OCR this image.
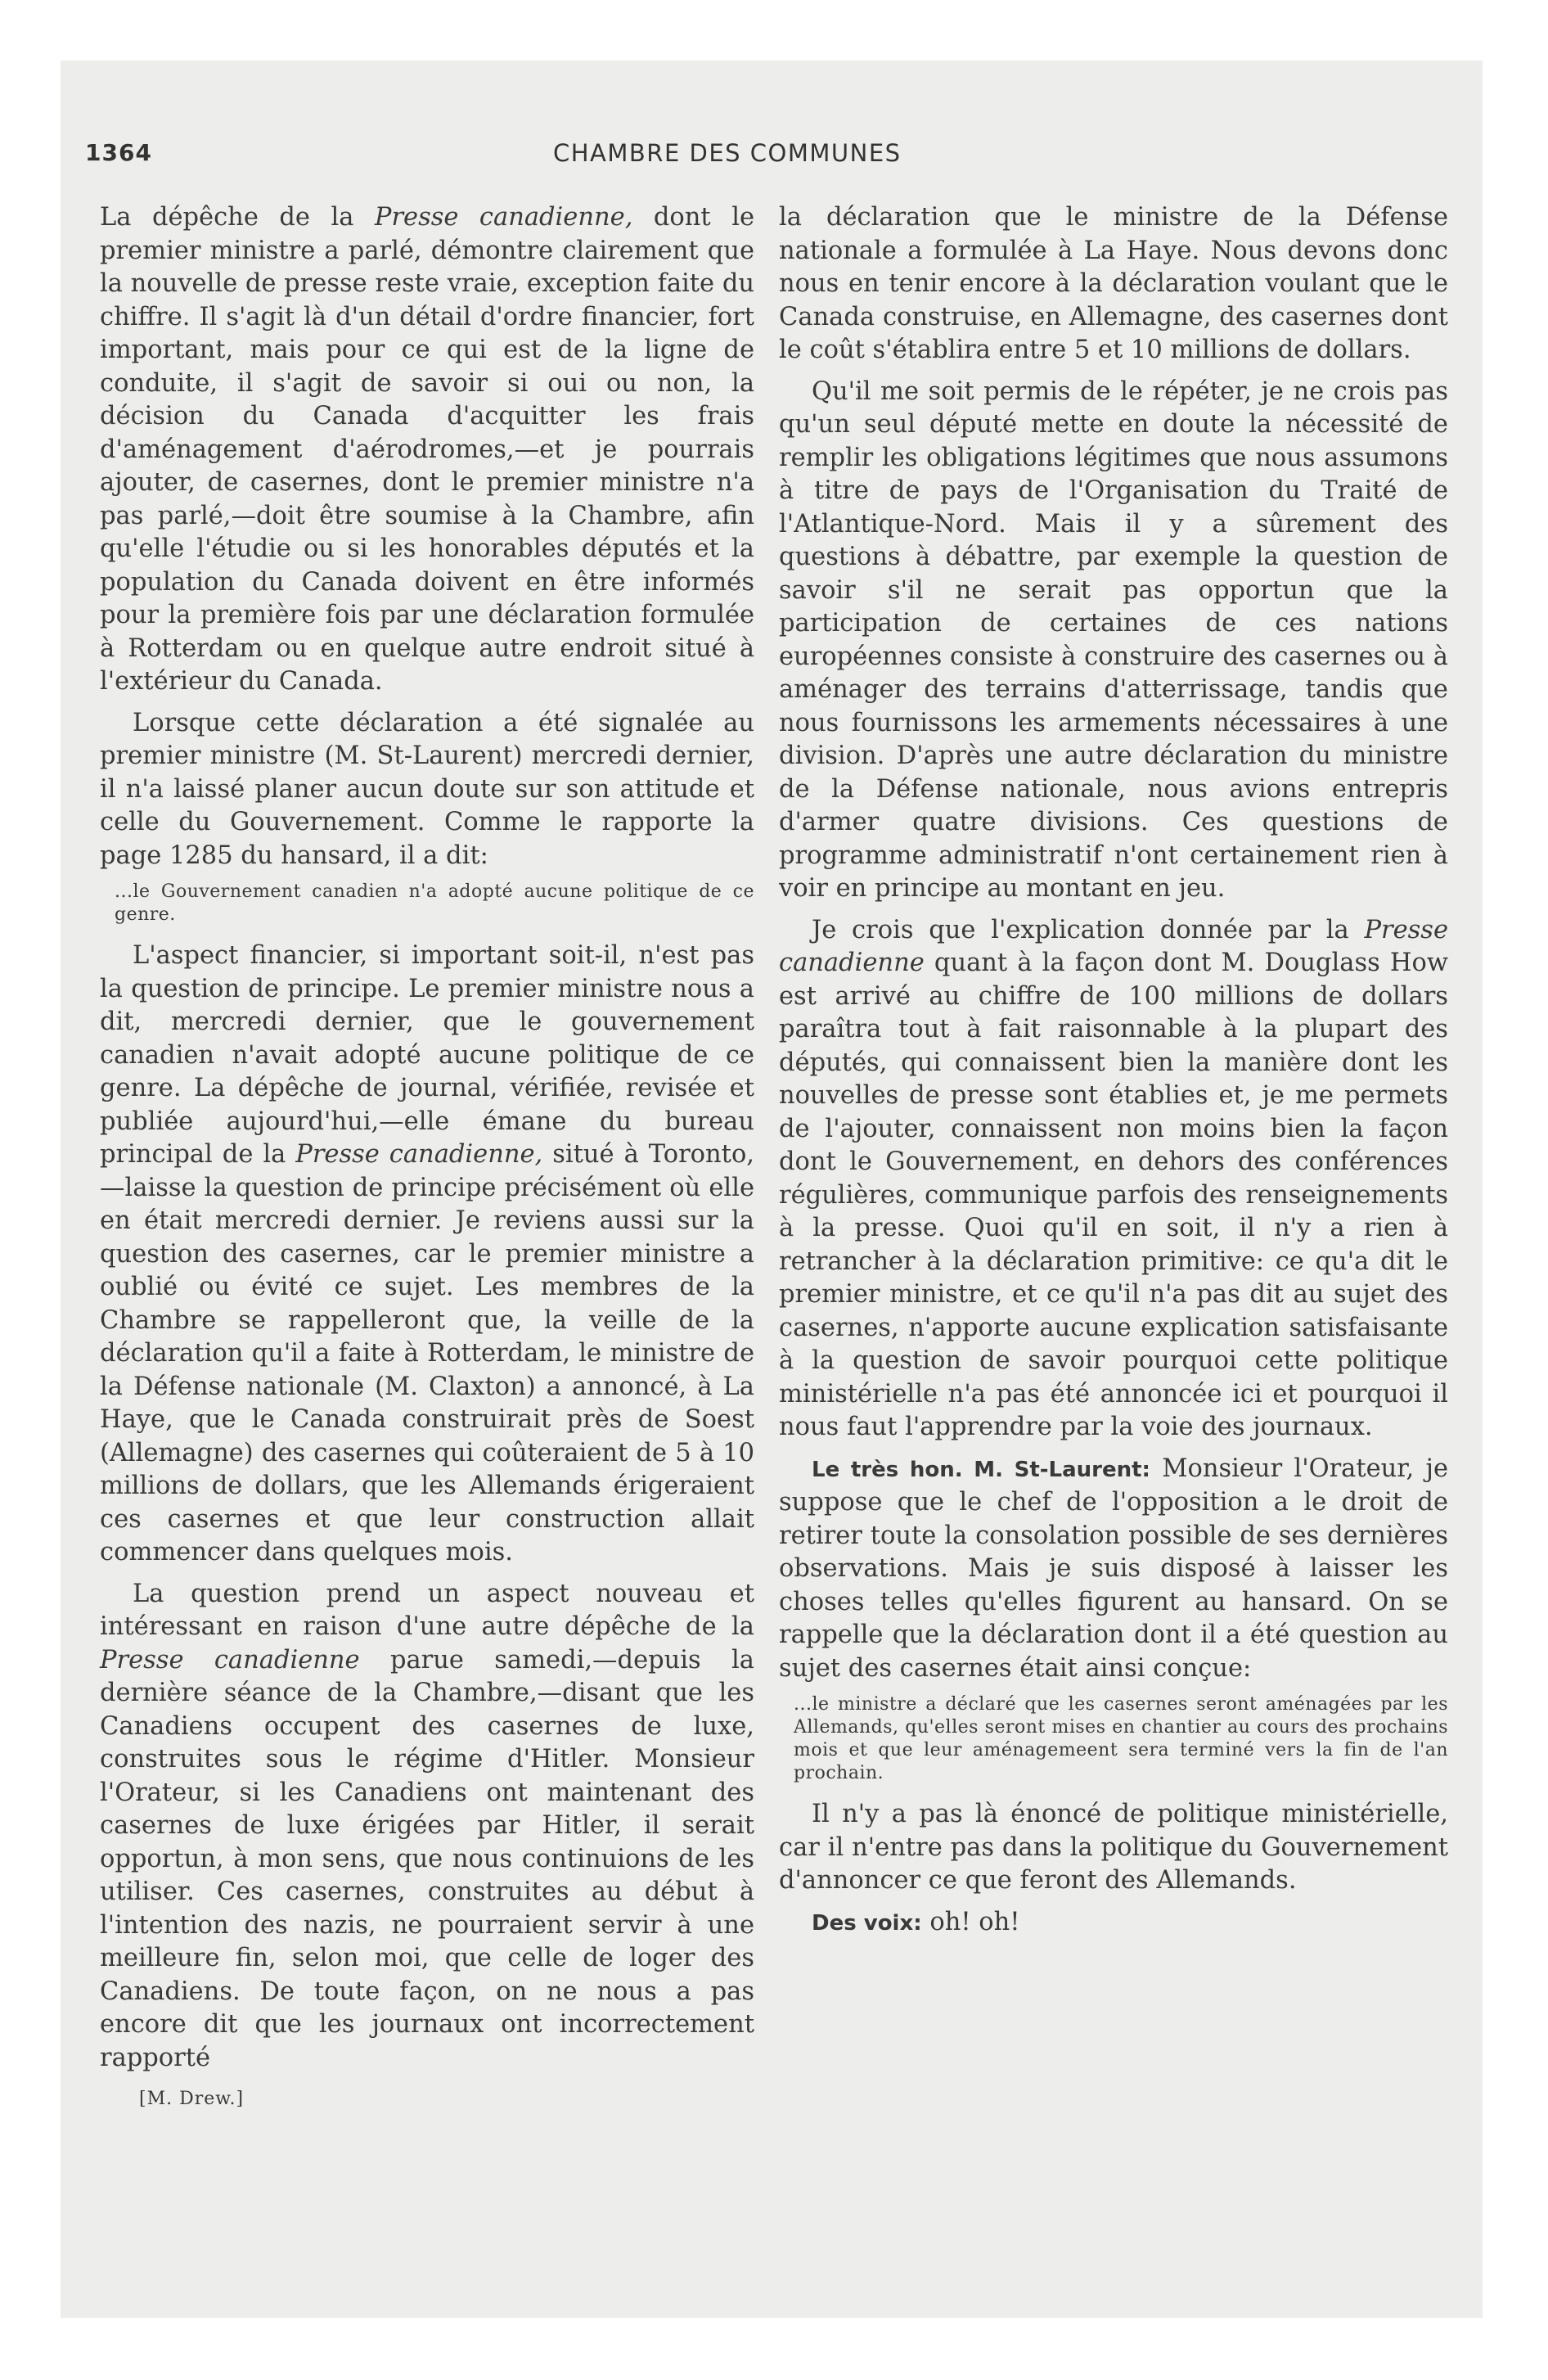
1364	CHAMBRE DES COMMUNES

La dépêche de la Presse canadienne, dont le premier ministre a parlé, démontre clairement que la nouvelle de presse reste vraie, exception faite du chiffre. Il s'agit là d'un détail d'ordre financier, fort important, mais pour ce qui est de la ligne de conduite, il s'agit de savoir si oui ou non, la décision du Canada d'acquitter les frais d'aménagement d'aérodromes,—et je pourrais ajouter, de casernes, dont le premier ministre n'a pas parlé,—doit être soumise à la Chambre, afin qu'elle l'étudie ou si les honorables députés et la population du Canada doivent en être informés pour la première fois par une déclaration formulée à Rotterdam ou en quelque autre endroit situé à l'extérieur du Canada.

Lorsque cette déclaration a été signalée au premier ministre (M. St-Laurent) mercredi dernier, il n'a laissé planer aucun doute sur son attitude et celle du Gouvernement. Comme le rapporte la page 1285 du hansard, il a dit:

...le Gouvernement canadien n'a adopté aucune politique de ce genre.

L'aspect financier, si important soit-il, n'est pas la question de principe. Le premier ministre nous a dit, mercredi dernier, que le gouvernement canadien n'avait adopté aucune politique de ce genre. La dépêche de journal, vérifiée, revisée et publiée aujourd'hui,—elle émane du bureau principal de la Presse canadienne, situé à Toronto,—laisse la question de principe précisément où elle en était mercredi dernier. Je reviens aussi sur la question des casernes, car le premier ministre a oublié ou évité ce sujet. Les membres de la Chambre se rappelleront que, la veille de la déclaration qu'il a faite à Rotterdam, le ministre de la Défense nationale (M. Claxton) a annoncé, à La Haye, que le Canada construirait près de Soest (Allemagne) des casernes qui coûteraient de 5 à 10 millions de dollars, que les Allemands érigeraient ces casernes et que leur construction allait commencer dans quelques mois.

La question prend un aspect nouveau et intéressant en raison d'une autre dépêche de la Presse canadienne parue samedi,—depuis la dernière séance de la Chambre,—disant que les Canadiens occupent des casernes de luxe, construites sous le régime d'Hitler. Monsieur l'Orateur, si les Canadiens ont maintenant des casernes de luxe érigées par Hitler, il serait opportun, à mon sens, que nous continuions de les utiliser. Ces casernes, construites au début à l'intention des nazis, ne pourraient servir à une meilleure fin, selon moi, que celle de loger des Canadiens. De toute façon, on ne nous a pas encore dit que les journaux ont incorrectement rapporté

[M. Drew.]

la déclaration que le ministre de la Défense nationale a formulée à La Haye. Nous devons donc nous en tenir encore à la déclaration voulant que le Canada construise, en Allemagne, des casernes dont le coût s'établira entre 5 et 10 millions de dollars.

Qu'il me soit permis de le répéter, je ne crois pas qu'un seul député mette en doute la nécessité de remplir les obligations légitimes que nous assumons à titre de pays de l'Organisation du Traité de l'Atlantique-Nord. Mais il y a sûrement des questions à débattre, par exemple la question de savoir s'il ne serait pas opportun que la participation de certaines de ces nations européennes consiste à construire des casernes ou à aménager des terrains d'atterrissage, tandis que nous fournissons les armements nécessaires à une division. D'après une autre déclaration du ministre de la Défense nationale, nous avions entrepris d'armer quatre divisions. Ces questions de programme administratif n'ont certainement rien à voir en principe au montant en jeu.

Je crois que l'explication donnée par la Presse canadienne quant à la façon dont M. Douglass How est arrivé au chiffre de 100 millions de dollars paraîtra tout à fait raisonnable à la plupart des députés, qui connaissent bien la manière dont les nouvelles de presse sont établies et, je me permets de l'ajouter, connaissent non moins bien la façon dont le Gouvernement, en dehors des conférences régulières, communique parfois des renseignements à la presse. Quoi qu'il en soit, il n'y a rien à retrancher à la déclaration primitive: ce qu'a dit le premier ministre, et ce qu'il n'a pas dit au sujet des casernes, n'apporte aucune explication satisfaisante à la question de savoir pourquoi cette politique ministérielle n'a pas été annoncée ici et pourquoi il nous faut l'apprendre par la voie des journaux.

Le très hon. M. St-Laurent: Monsieur l'Orateur, je suppose que le chef de l'opposition a le droit de retirer toute la consolation possible de ses dernières observations. Mais je suis disposé à laisser les choses telles qu'elles figurent au hansard. On se rappelle que la déclaration dont il a été question au sujet des casernes était ainsi conçue:

...le ministre a déclaré que les casernes seront aménagées par les Allemands, qu'elles seront mises en chantier au cours des prochains mois et que leur aménagemeent sera terminé vers la fin de l'an prochain.

Il n'y a pas là énoncé de politique ministérielle, car il n'entre pas dans la politique du Gouvernement d'annoncer ce que feront des Allemands.

Des voix: oh! oh!
